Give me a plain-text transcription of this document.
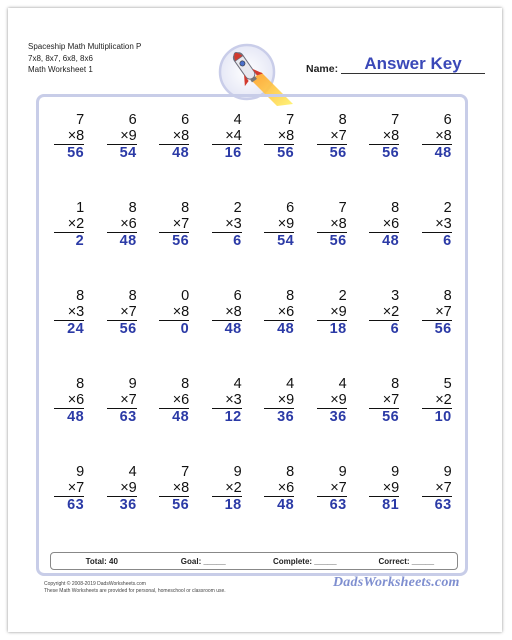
Spaceship Math Multiplication P
7x8, 8x7, 6x8, 8x6
Math Worksheet 1	Name:	Answer Key
7
×8
56
6
×9
54
6
×8
48
4
×4
16
7
×8
56
8
×7
56
7
×8
56
6
×8
48
1
×2
2
8
×6
48
8
×7
56
2
×3
6
6
×9
54
7
×8
56
8
×6
48
2
×3
6
8
×3
24
8
×7
56
0
×8
0
6
×8
48
8
×6
48
2
×9
18
3
×2
6
8
×7
56
8
×6
48
9
×7
63
8
×6
48
4
×3
12
4
×9
36
4
×9
36
8
×7
56
5
×2
10
9
×7
63
4
×9
36
7
×8
56
9
×2
18
8
×6
48
9
×7
63
9
×9
81
9
×7
63
Total: 40	Goal: _____	Complete: _____	Correct: _____
Copyright © 2008-2019 DadsWorksheets.com
These Math Worksheets are provided for personal, homeschool or classroom use.
DadsWorksheets.com
